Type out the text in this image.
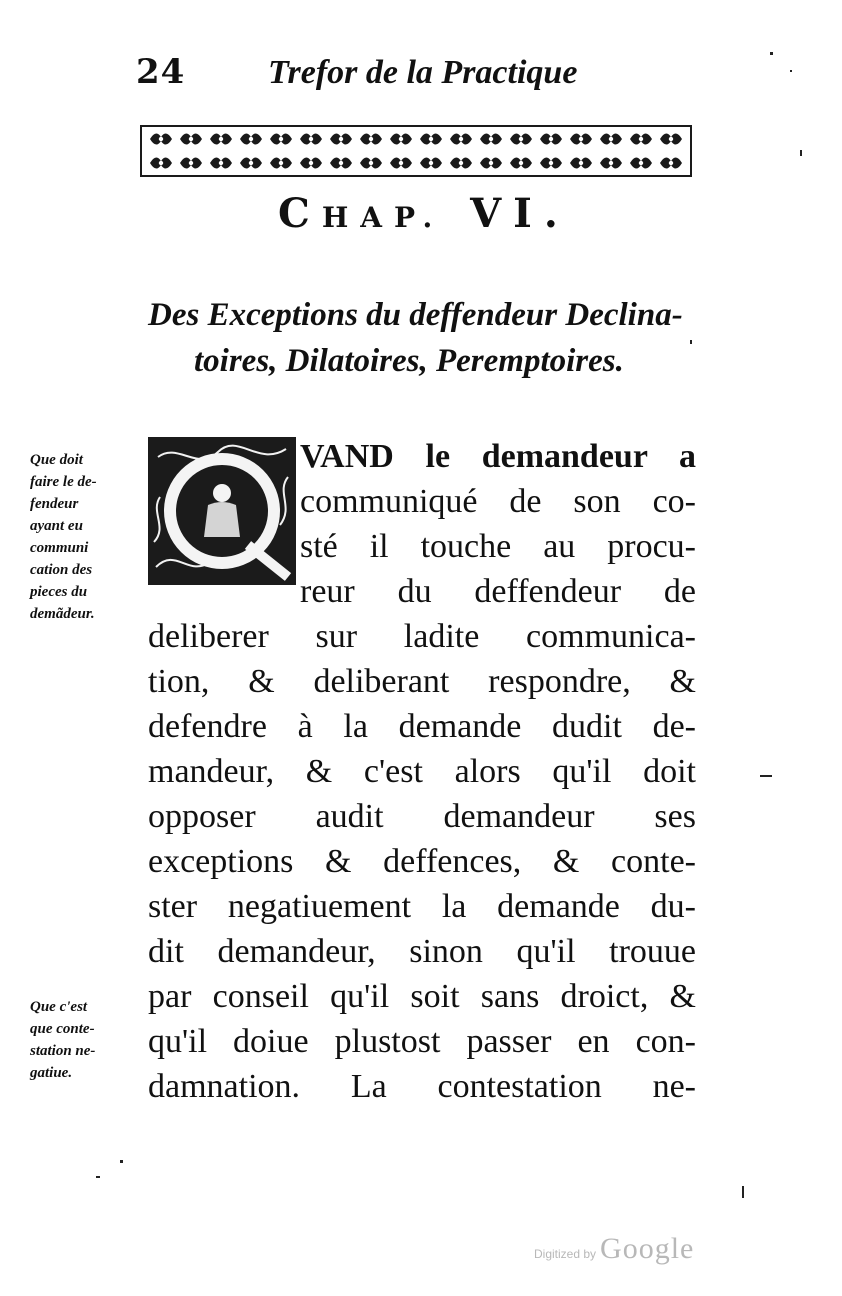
24 Trefor de la Practique
CHAP. VI.
Des Exceptions du deffendeur Declina-
toires, Dilatoires, Peremptoires.
Que doit
faire le de-
fendeur
ayant eu
communi
cation des
pieces du
demãdeur.
Que c'est
que conte-
station ne-
gatiue.
VAND le demandeur a
communiqué de son co-
sté il touche au procu-
reur du deffendeur de
deliberer sur ladite communica-
tion, & deliberant respondre, &
defendre à la demande dudit de-
mandeur, & c'est alors qu'il doit
opposer audit demandeur ses
exceptions & deffences, & conte-
ster negatiuement la demande du-
dit demandeur, sinon qu'il trouue
par conseil qu'il soit sans droict, &
qu'il doiue plustost passer en con-
damnation. La contestation ne-
Digitized by Google
